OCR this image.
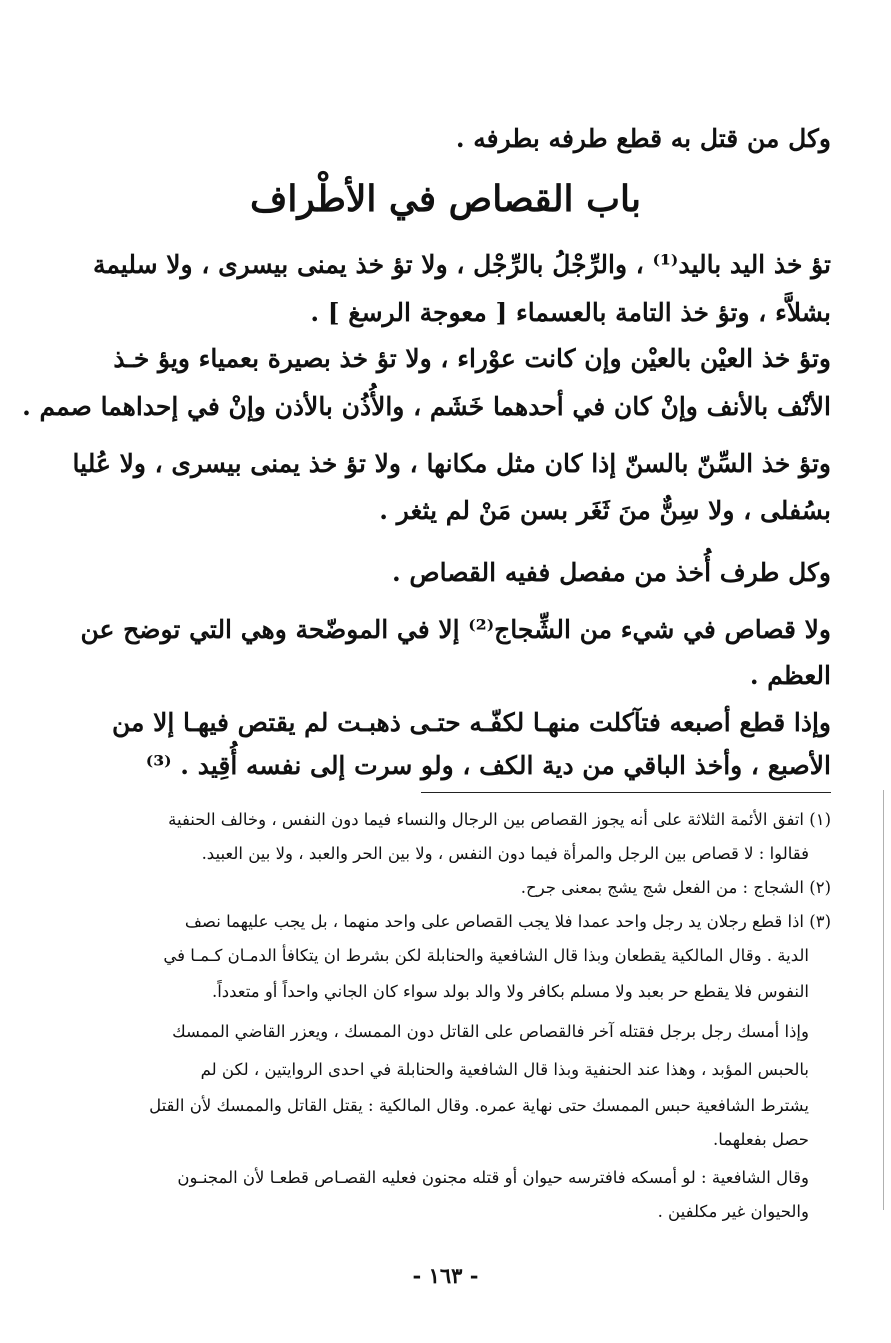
وكل من قتل به قطع طرفه بطرفه .
باب القصاص في الأطْراف
تؤ خذ اليد باليد⁽¹⁾ ، والرِّجْلُ بالرِّجْل ، ولا تؤ خذ يمنى بيسرى ، ولا سليمة
بشلاَّء ، وتؤ خذ التامة بالعسماء [ معوجة الرسغ ] .
وتؤ خذ العيْن بالعيْن وإن كانت عوْراء ، ولا تؤ خذ بصيرة بعمياء ويؤ خـذ
الأنْف بالأنف وإنْ كان في أحدهما خَشَم ، والأُذُن بالأذن وإنْ في إحداهما صمم .
وتؤ خذ السِّنّ بالسنّ إذا كان مثل مكانها ، ولا تؤ خذ يمنى بيسرى ، ولا عُليا
بسُفلى ، ولا سِنٌّ منَ ثَغَر بسن مَنْ لم يثغر .
وكل طرف أُخذ من مفصل ففيه القصاص .
ولا قصاص في شيء من الشِّجاج⁽²⁾ إلا في الموضّحة وهي التي توضح عن
العظم .
وإذا قطع أصبعه فتآكلت منهـا لكفّـه حتـى ذهبـت لم يقتص فيهـا إلا من
الأصبع ، وأخذ الباقي من دية الكف ، ولو سرت إلى نفسه أُقِيد . ⁽³⁾
(١) اتفق الأئمة الثلاثة على أنه يجوز القصاص بين الرجال والنساء فيما دون النفس ، وخالف الحنفية
فقالوا : لا قصاص بين الرجل والمرأة فيما دون النفس ، ولا بين الحر والعبد ، ولا بين العبيد.
(٢) الشجاج : من الفعل شج يشج بمعنى جرح.
(٣) اذا قطع رجلان يد رجل واحد عمدا فلا يجب القصاص على واحد منهما ، بل يجب عليهما نصف
الدية . وقال المالكية يقطعان وبذا قال الشافعية والحنابلة لكن بشرط ان يتكافأ الدمـان كـمـا في
النفوس فلا يقطع حر بعبد ولا مسلم بكافر ولا والد بولد سواء كان الجاني واحداً أو متعدداً.
وإذا أمسك رجل برجل فقتله آخر فالقصاص على القاتل دون الممسك ، ويعزر القاضي الممسك
بالحبس المؤبد ، وهذا عند الحنفية وبذا قال الشافعية والحنابلة في احدى الروايتين ، لكن لم
يشترط الشافعية حبس الممسك حتى نهاية عمره. وقال المالكية : يقتل القاتل والممسك لأن القتل
حصل بفعلهما.
وقال الشافعية : لو أمسكه فافترسه حيوان أو قتله مجنون فعليه القصـاص قطعـا لأن المجنـون
والحيوان غير مكلفين .
- ١٦٣ -
